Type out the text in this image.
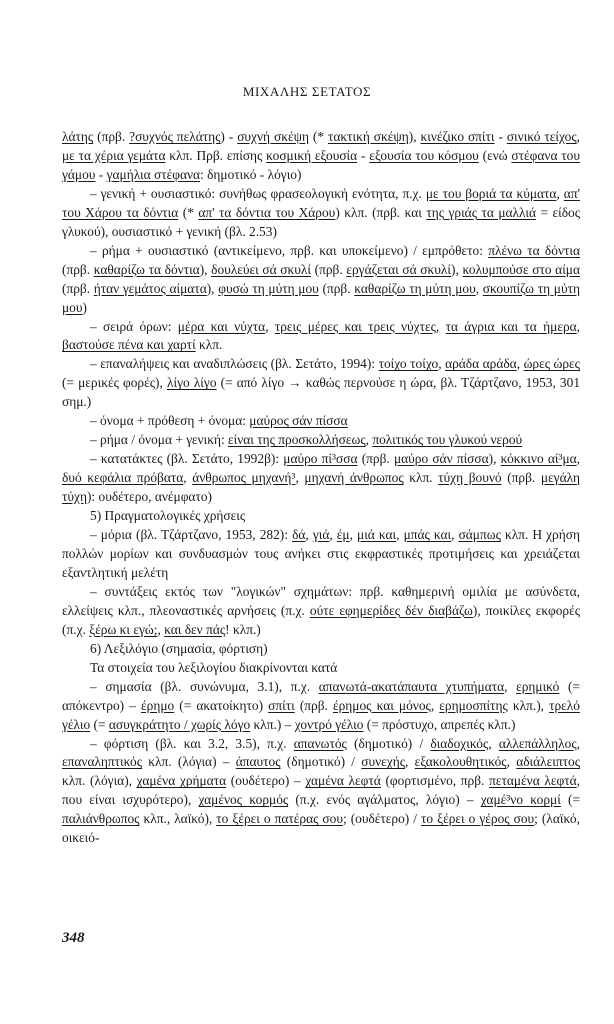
ΜΙΧΑΛΗΣ ΣΕΤΑΤΟΣ

λάτης (πρβ. ?συχνός πελάτης) - συχνή σκέψη (* τακτική σκέψη), κινέζικο σπίτι - σινικό τείχος, με τα χέρια γεμάτα κλπ. Πρβ. επίσης κοσμική εξουσία - εξουσία του κόσμου (ενώ στέφανα του γάμου - γαμήλια στέφανα: δημοτικό - λόγιο)

– γενική + ουσιαστικό: συνήθως φρασεολογική ενότητα, π.χ. με του βοριά τα κύματα, απ' του Χάρου τα δόντια (* απ' τα δόντια του Χάρου) κλπ. (πρβ. και της γριάς τα μαλλιά = είδος γλυκού), ουσιαστικό + γενική (βλ. 2.53)

– ρήμα + ουσιαστικό (αντικείμενο, πρβ. και υποκείμενο) / εμπρόθετο: πλένω τα δόντια (πρβ. καθαρίζω τα δόντια), δουλεύει σά σκυλί (πρβ. εργάζεται σά σκυλί), κολυμπούσε στο αίμα (πρβ. ήταν γεμάτος αίματα), φυσώ τη μύτη μου (πρβ. καθαρίζω τη μύτη μου, σκουπίζω τη μύτη μου)

– σειρά όρων: μέρα και νύχτα, τρεις μέρες και τρεις νύχτες, τα άγρια και τα ήμερα, βαστούσε πένα και χαρτί κλπ.

– επαναλήψεις και αναδιπλώσεις (βλ. Σετάτο, 1994): τοίχο τοίχο, αράδα αράδα, ώρες ώρες (= μερικές φορές), λίγο λίγο (= από λίγο → καθώς περνούσε η ώρα, βλ. Τζάρτζανο, 1953, 301 σημ.)

– όνομα + πρόθεση + όνομα: μαύρος σάν πίσσα

– ρήμα / όνομα + γενική: είναι της προσκολλήσεως, πολιτικός του γλυκού νερού

– κατατάκτες (βλ. Σετάτο, 1992β): μαύρο πί³σσα (πρβ. μαύρο σάν πίσσα), κόκκινο αί³μα, δυό κεφάλια πρόβατα, άνθρωπος μηχανή³, μηχανή άνθρωπος κλπ. τύχη βουνό (πρβ. μεγάλη τύχη): ουδέτερο, ανέμφατο)

5) Πραγματολογικές χρήσεις

– μόρια (βλ. Τζάρτζανο, 1953, 282): δά, γιά, έμ, μιά και, μπάς και, σάμπως κλπ. Η χρήση πολλών μορίων και συνδυασμών τους ανήκει στις εκφραστικές προτιμήσεις και χρειάζεται εξαντλητική μελέτη

– συντάξεις εκτός των "λογικών" σχημάτων: πρβ. καθημερινή ομιλία με ασύνδετα, ελλείψεις κλπ., πλεοναστικές αρνήσεις (π.χ. ούτε εφημερίδες δέν διαβάζω), ποικίλες εκφορές (π.χ. ξέρω κι εγώ;, και δεν πάς! κλπ.)

6) Λεξιλόγιο (σημασία, φόρτιση)

Τα στοιχεία του λεξιλογίου διακρίνονται κατά

– σημασία (βλ. συνώνυμα, 3.1), π.χ. απανωτά-ακατάπαυτα χτυπήματα, ερημικό (= απόκεντρο) – έρημο (= ακατοίκητο) σπίτι (πρβ. έρημος και μόνος, ερημοσπίτης κλπ.), τρελό γέλιο (= ασυγκράτητο / χωρίς λόγο κλπ.) – χοντρό γέλιο (= πρόστυχο, απρεπές κλπ.)

– φόρτιση (βλ. και 3.2, 3.5), π.χ. απανωτός (δημοτικό) / διαδοχικός, αλλεπάλληλος, επαναληπτικός κλπ. (λόγια) – άπαυτος (δημοτικό) / συνεχής, εξακολουθητικός, αδιάλειπτος κλπ. (λόγια), χαμένα χρήματα (ουδέτερο) – χαμένα λεφτά (φορτισμένο, πρβ. πεταμένα λεφτά, που είναι ισχυρότερο), χαμένος κορμός (π.χ. ενός αγάλματος, λόγιο) – χαμέ³νο κορμί (= παλιάνθρωπος κλπ., λαϊκό), το ξέρει ο πατέρας σου; (ουδέτερο) / το ξέρει ο γέρος σου; (λαϊκό, οικειό-

348
